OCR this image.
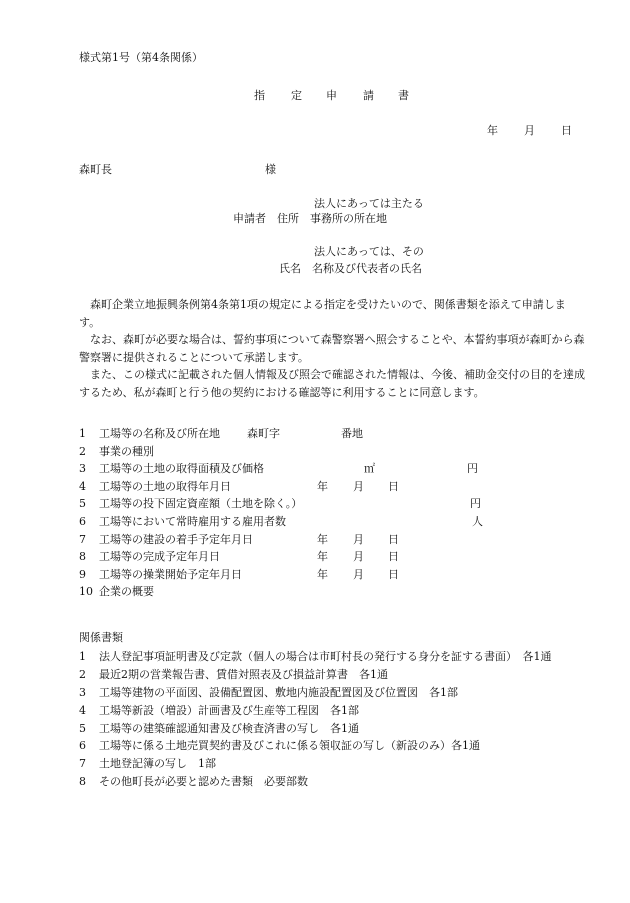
様式第1号（第4条関係）
指 定 申 請 書
年 月 日
森町長	様
法人にあっては主たる
申請者　住所　事務所の所在地
法人にあっては、その
氏名　名称及び代表者の氏名

森町企業立地振興条例第4条第1項の規定による指定を受けたいので、関係書類を添えて申請します。

なお、森町が必要な場合は、誓約事項について森警察署へ照会することや、本誓約事項が森町から森警察署に提供されることについて承諾します。

また、この様式に記載された個人情報及び照会で確認された情報は、今後、補助金交付の目的を達成するため、私が森町と行う他の契約における確認等に利用することに同意します。

1 工場等の名称及び所在地 森町字	番地
2 事業の種別
3 工場等の土地の取得面積及び価格	㎡	円
4 工場等の土地の取得年月日	年 月 日
5 工場等の投下固定資産額（土地を除く。）	円
6 工場等において常時雇用する雇用者数	人
7 工場等の建設の着手予定年月日	年 月 日
8 工場等の完成予定年月日	年 月 日
9 工場等の操業開始予定年月日	年 月 日
10 企業の概要
関係書類
1 法人登記事項証明書及び定款（個人の場合は市町村長の発行する身分を証する書面）　各1通
2 最近2期の営業報告書、賃借対照表及び損益計算書　各1通
3 工場等建物の平面図、設備配置図、敷地内施設配置図及び位置図　各1部
4 工場等新設（増設）計画書及び生産等工程図　各1部
5 工場等の建築確認通知書及び検査済書の写し　各1通
6 工場等に係る土地売買契約書及びこれに係る領収証の写し（新設のみ）各1通
7 土地登記簿の写し　1部
8 その他町長が必要と認めた書類　必要部数
